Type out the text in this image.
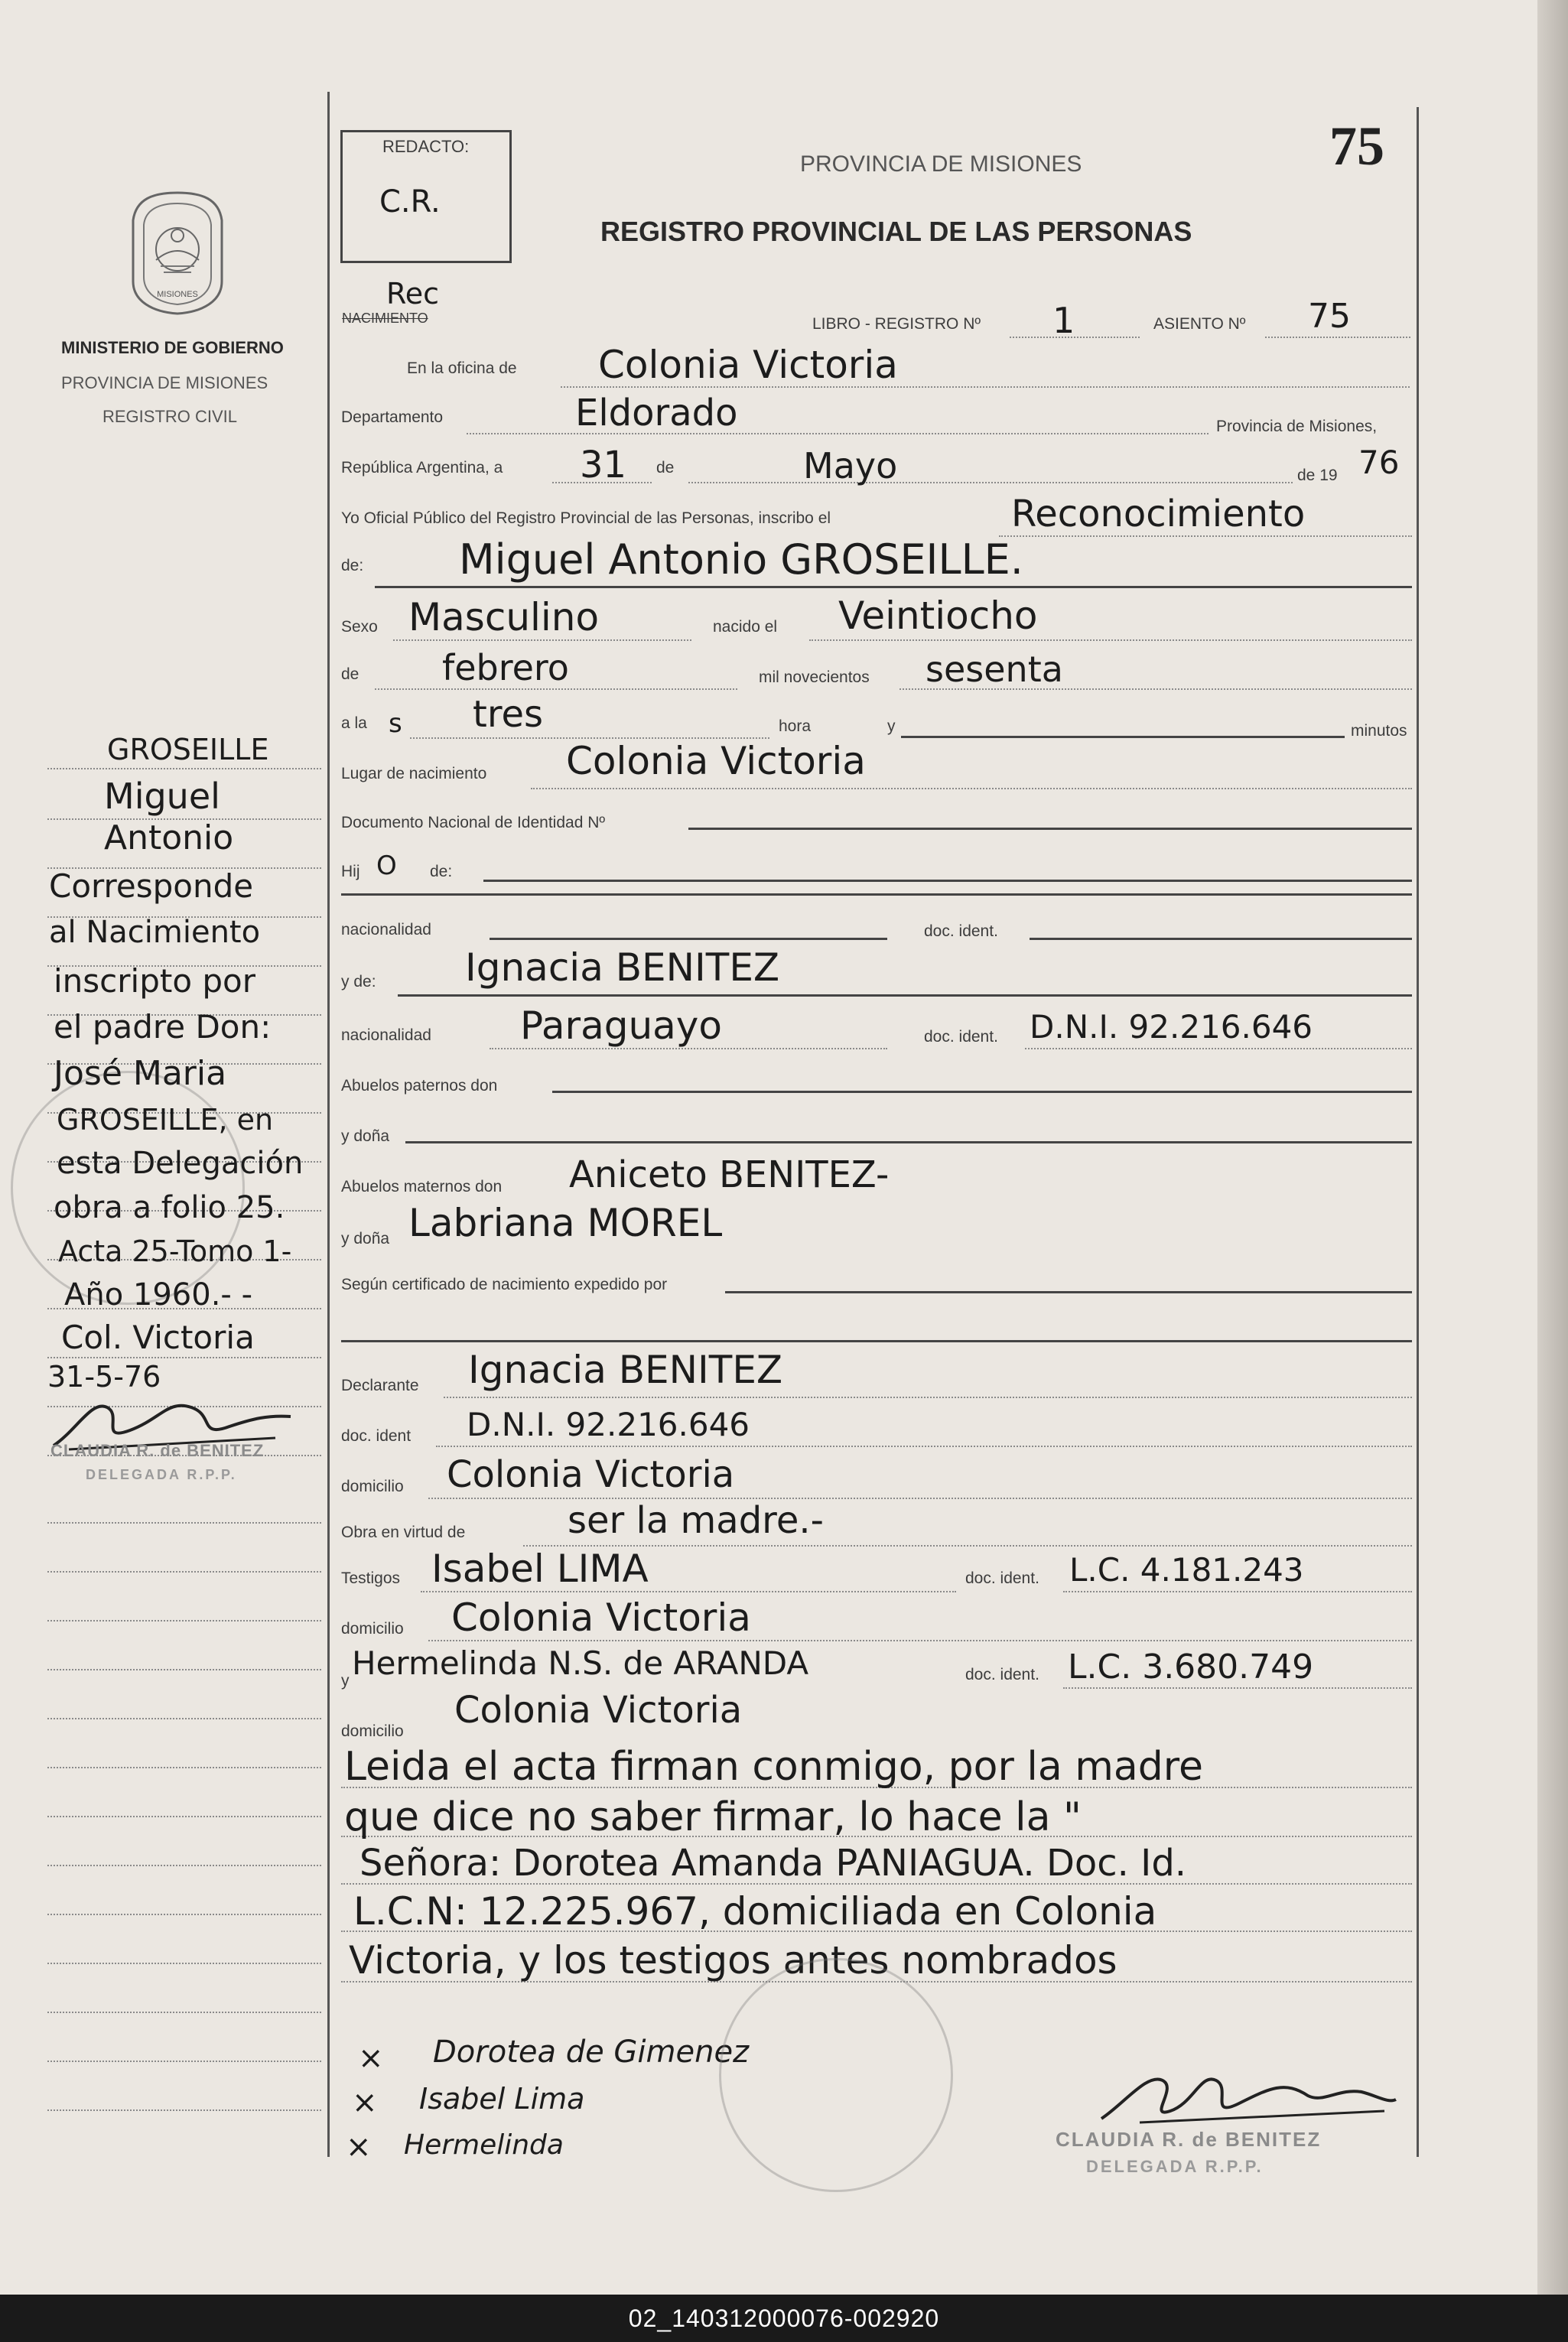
75
REDACTO:
C.R.
PROVINCIA DE MISIONES
REGISTRO PROVINCIAL DE LAS PERSONAS
MISIONES
MINISTERIO DE GOBIERNO
PROVINCIA DE MISIONES
REGISTRO CIVIL
Rec
NACIMIENTO	LIBRO - REGISTRO Nº 1	ASIENTO Nº 75
En la oficina de Colonia Victoria
Departamento	Eldorado	Provincia de Misiones,
República Argentina, a 31 de	Mayo	de 19 76
Yo Oficial Público del Registro Provincial de las Personas, inscribo el	Reconocimiento
de: Miguel Antonio GROSEILLE.
Sexo Masculino	nacido el Veintiocho
de febrero	mil novecientos sesenta
a la s tres	hora	y	minutos
Lugar de nacimiento Colonia Victoria
Documento Nacional de Identidad Nº
Hij O de:
nacionalidad	doc. ident.
y de: Ignacia BENITEZ
nacionalidad Paraguayo	doc. ident. D.N.I. 92.216.646
Abuelos paternos don
y doña
Abuelos maternos don Aniceto BENITEZ-
y doña Labriana MOREL
Según certificado de nacimiento expedido por
Declarante Ignacia BENITEZ
doc. ident D.N.I. 92.216.646
domicilio Colonia Victoria
Obra en virtud de	ser la madre.-
Testigos Isabel LIMA	doc. ident. L.C. 4.181.243
domicilio Colonia Victoria
y Hermelinda N.S. de ARANDA	doc. ident. L.C. 3.680.749
domicilio Colonia Victoria
Leida el acta firman conmigo, por la madre
que dice no saber firmar, lo hace la "
Señora: Dorotea Amanda PANIAGUA. Doc. Id.
L.C.N: 12.225.967, domiciliada en Colonia
Victoria, y los testigos antes nombrados
×
×
×
Dorotea de Gimenez
Isabel Lima
Hermelinda	CLAUDIA R. de BENITEZ
DELEGADA R.P.P.
GROSEILLE
Miguel
Antonio
Corresponde
al Nacimiento
inscripto por
el padre Don:
José Maria
GROSEILLE, en
esta Delegación
obra a folio 25.
Acta 25-Tomo 1-
Año 1960.- -
Col. Victoria
31-5-76
CLAUDIA R. de BENITEZ
DELEGADA R.P.P.
02_140312000076-002920
